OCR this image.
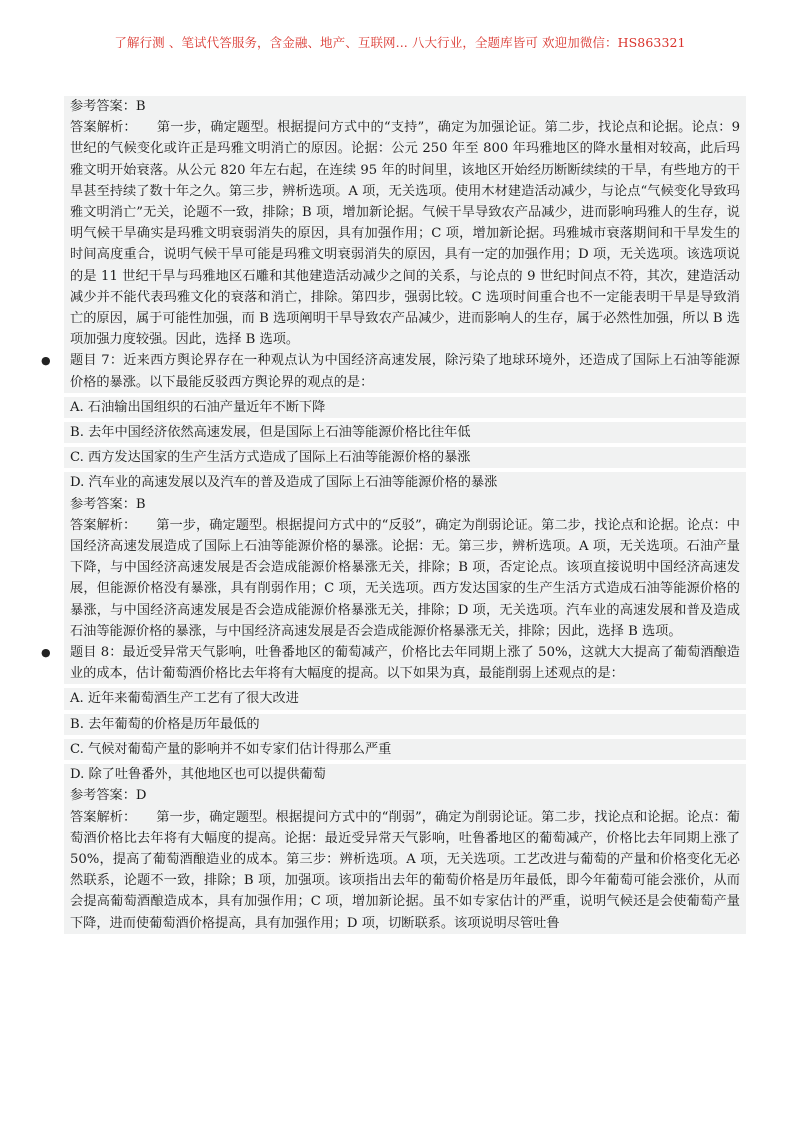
了解行测 、笔试代答服务，含金融、地产、互联网... 八大行业，全题库皆可 欢迎加微信：HS863321
参考答案：B
答案解析：　　第一步，确定题型。根据提问方式中的“支持”，确定为加强论证。第二步，找论点和论据。论点：9 世纪的气候变化或许正是玛雅文明消亡的原因。论据：公元 250 年至 800 年玛雅地区的降水量相对较高，此后玛雅文明开始衰落。从公元 820 年左右起，在连续 95 年的时间里，该地区开始经历断断续续的干旱，有些地方的干旱甚至持续了数十年之久。第三步，辨析选项。A 项，无关选项。使用木材建造活动减少，与论点“气候变化导致玛雅文明消亡”无关，论题不一致，排除；B 项，增加新论据。气候干旱导致农产品减少，进而影响玛雅人的生存，说明气候干旱确实是玛雅文明衰弱消失的原因，具有加强作用；C 项，增加新论据。玛雅城市衰落期间和干旱发生的时间高度重合，说明气候干旱可能是玛雅文明衰弱消失的原因，具有一定的加强作用；D 项，无关选项。该选项说的是 11 世纪干旱与玛雅地区石雕和其他建造活动减少之间的关系，与论点的 9 世纪时间点不符，其次，建造活动减少并不能代表玛雅文化的衰落和消亡，排除。第四步，强弱比较。C 选项时间重合也不一定能表明干旱是导致消亡的原因，属于可能性加强，而 B 选项阐明干旱导致农产品减少，进而影响人的生存，属于必然性加强，所以 B 选项加强力度较强。因此，选择 B 选项。
●	题目 7：近来西方舆论界存在一种观点认为中国经济高速发展，除污染了地球环境外，还造成了国际上石油等能源价格的暴涨。以下最能反驳西方舆论界的观点的是：
A. 石油输出国组织的石油产量近年不断下降
B. 去年中国经济依然高速发展，但是国际上石油等能源价格比往年低
C. 西方发达国家的生产生活方式造成了国际上石油等能源价格的暴涨
D. 汽车业的高速发展以及汽车的普及造成了国际上石油等能源价格的暴涨
参考答案：B
答案解析：　　第一步，确定题型。根据提问方式中的“反驳”，确定为削弱论证。第二步，找论点和论据。论点：中国经济高速发展造成了国际上石油等能源价格的暴涨。论据：无。第三步，辨析选项。A 项，无关选项。石油产量下降，与中国经济高速发展是否会造成能源价格暴涨无关，排除；B 项，否定论点。该项直接说明中国经济高速发展，但能源价格没有暴涨，具有削弱作用；C 项，无关选项。西方发达国家的生产生活方式造成石油等能源价格的暴涨，与中国经济高速发展是否会造成能源价格暴涨无关，排除；D 项，无关选项。汽车业的高速发展和普及造成石油等能源价格的暴涨，与中国经济高速发展是否会造成能源价格暴涨无关，排除；因此，选择 B 选项。
●	题目 8：最近受异常天气影响，吐鲁番地区的葡萄减产，价格比去年同期上涨了 50%，这就大大提高了葡萄酒酿造业的成本，估计葡萄酒价格比去年将有大幅度的提高。以下如果为真，最能削弱上述观点的是：
A. 近年来葡萄酒生产工艺有了很大改进
B. 去年葡萄的价格是历年最低的
C. 气候对葡萄产量的影响并不如专家们估计得那么严重
D. 除了吐鲁番外，其他地区也可以提供葡萄
参考答案：D
答案解析：　　第一步，确定题型。根据提问方式中的“削弱”，确定为削弱论证。第二步，找论点和论据。论点：葡萄酒价格比去年将有大幅度的提高。论据：最近受异常天气影响，吐鲁番地区的葡萄减产，价格比去年同期上涨了 50%，提高了葡萄酒酿造业的成本。第三步：辨析选项。A 项，无关选项。工艺改进与葡萄的产量和价格变化无必然联系，论题不一致，排除；B 项，加强项。该项指出去年的葡萄价格是历年最低，即今年葡萄可能会涨价，从而会提高葡萄酒酿造成本，具有加强作用；C 项，增加新论据。虽不如专家估计的严重，说明气候还是会使葡萄产量下降，进而使葡萄酒价格提高，具有加强作用；D 项，切断联系。该项说明尽管吐鲁
